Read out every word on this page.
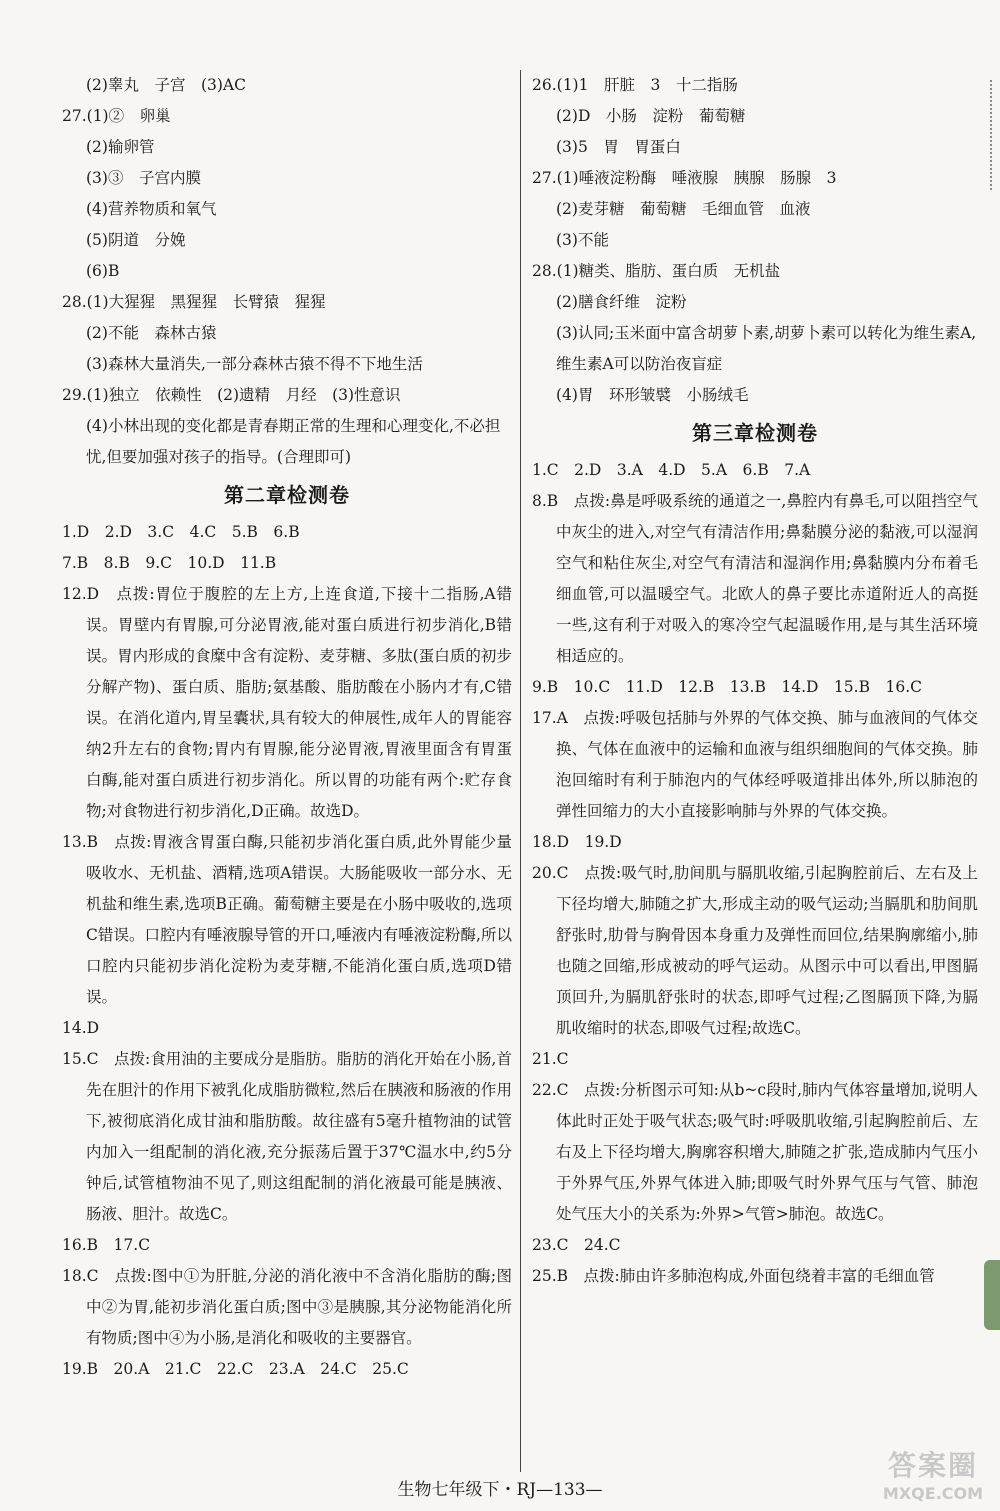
(2)睾丸　子宫　(3)AC

27.(1)②　卵巢

(2)输卵管

(3)③　子宫内膜

(4)营养物质和氧气

(5)阴道　分娩

(6)B

28.(1)大猩猩　黑猩猩　长臂猿　猩猩

(2)不能　森林古猿

(3)森林大量消失,一部分森林古猿不得不下地生活

29.(1)独立　依赖性　(2)遗精　月经　(3)性意识

(4)小林出现的变化都是青春期正常的生理和心理变化,不必担忧,但要加强对孩子的指导。(合理即可)

第二章检测卷

1.D　2.D　3.C　4.C　5.B　6.B

7.B　8.B　9.C　10.D　11.B

12.D　点拨:胃位于腹腔的左上方,上连食道,下接十二指肠,A错误。胃壁内有胃腺,可分泌胃液,能对蛋白质进行初步消化,B错误。胃内形成的食糜中含有淀粉、麦芽糖、多肽(蛋白质的初步分解产物)、蛋白质、脂肪;氨基酸、脂肪酸在小肠内才有,C错误。在消化道内,胃呈囊状,具有较大的伸展性,成年人的胃能容纳2升左右的食物;胃内有胃腺,能分泌胃液,胃液里面含有胃蛋白酶,能对蛋白质进行初步消化。所以胃的功能有两个:贮存食物;对食物进行初步消化,D正确。故选D。

13.B　点拨:胃液含胃蛋白酶,只能初步消化蛋白质,此外胃能少量吸收水、无机盐、酒精,选项A错误。大肠能吸收一部分水、无机盐和维生素,选项B正确。葡萄糖主要是在小肠中吸收的,选项C错误。口腔内有唾液腺导管的开口,唾液内有唾液淀粉酶,所以口腔内只能初步消化淀粉为麦芽糖,不能消化蛋白质,选项D错误。

14.D

15.C　点拨:食用油的主要成分是脂肪。脂肪的消化开始在小肠,首先在胆汁的作用下被乳化成脂肪微粒,然后在胰液和肠液的作用下,被彻底消化成甘油和脂肪酸。故往盛有5毫升植物油的试管内加入一组配制的消化液,充分振荡后置于37℃温水中,约5分钟后,试管植物油不见了,则这组配制的消化液最可能是胰液、肠液、胆汁。故选C。

16.B　17.C

18.C　点拨:图中①为肝脏,分泌的消化液中不含消化脂肪的酶;图中②为胃,能初步消化蛋白质;图中③是胰腺,其分泌物能消化所有物质;图中④为小肠,是消化和吸收的主要器官。

19.B　20.A　21.C　22.C　23.A　24.C　25.C

26.(1)1　肝脏　3　十二指肠

(2)D　小肠　淀粉　葡萄糖

(3)5　胃　胃蛋白

27.(1)唾液淀粉酶　唾液腺　胰腺　肠腺　3

(2)麦芽糖　葡萄糖　毛细血管　血液

(3)不能

28.(1)糖类、脂肪、蛋白质　无机盐

(2)膳食纤维　淀粉

(3)认同;玉米面中富含胡萝卜素,胡萝卜素可以转化为维生素A,维生素A可以防治夜盲症

(4)胃　环形皱襞　小肠绒毛

第三章检测卷

1.C　2.D　3.A　4.D　5.A　6.B　7.A

8.B　点拨:鼻是呼吸系统的通道之一,鼻腔内有鼻毛,可以阻挡空气中灰尘的进入,对空气有清洁作用;鼻黏膜分泌的黏液,可以湿润空气和粘住灰尘,对空气有清洁和湿润作用;鼻黏膜内分布着毛细血管,可以温暖空气。北欧人的鼻子要比赤道附近人的高挺一些,这有利于对吸入的寒冷空气起温暖作用,是与其生活环境相适应的。

9.B　10.C　11.D　12.B　13.B　14.D　15.B　16.C

17.A　点拨:呼吸包括肺与外界的气体交换、肺与血液间的气体交换、气体在血液中的运输和血液与组织细胞间的气体交换。肺泡回缩时有利于肺泡内的气体经呼吸道排出体外,所以肺泡的弹性回缩力的大小直接影响肺与外界的气体交换。

18.D　19.D

20.C　点拨:吸气时,肋间肌与膈肌收缩,引起胸腔前后、左右及上下径均增大,肺随之扩大,形成主动的吸气运动;当膈肌和肋间肌舒张时,肋骨与胸骨因本身重力及弹性而回位,结果胸廓缩小,肺也随之回缩,形成被动的呼气运动。从图示中可以看出,甲图膈顶回升,为膈肌舒张时的状态,即呼气过程;乙图膈顶下降,为膈肌收缩时的状态,即吸气过程;故选C。

21.C

22.C　点拨:分析图示可知:从b~c段时,肺内气体容量增加,说明人体此时正处于吸气状态;吸气时:呼吸肌收缩,引起胸腔前后、左右及上下径均增大,胸廓容积增大,肺随之扩张,造成肺内气压小于外界气压,外界气体进入肺;即吸气时外界气压与气管、肺泡处气压大小的关系为:外界>气管>肺泡。故选C。

23.C　24.C

25.B　点拨:肺由许多肺泡构成,外面包绕着丰富的毛细血管

生物七年级下・RJ—133—
答案圈
MXQE.COM
